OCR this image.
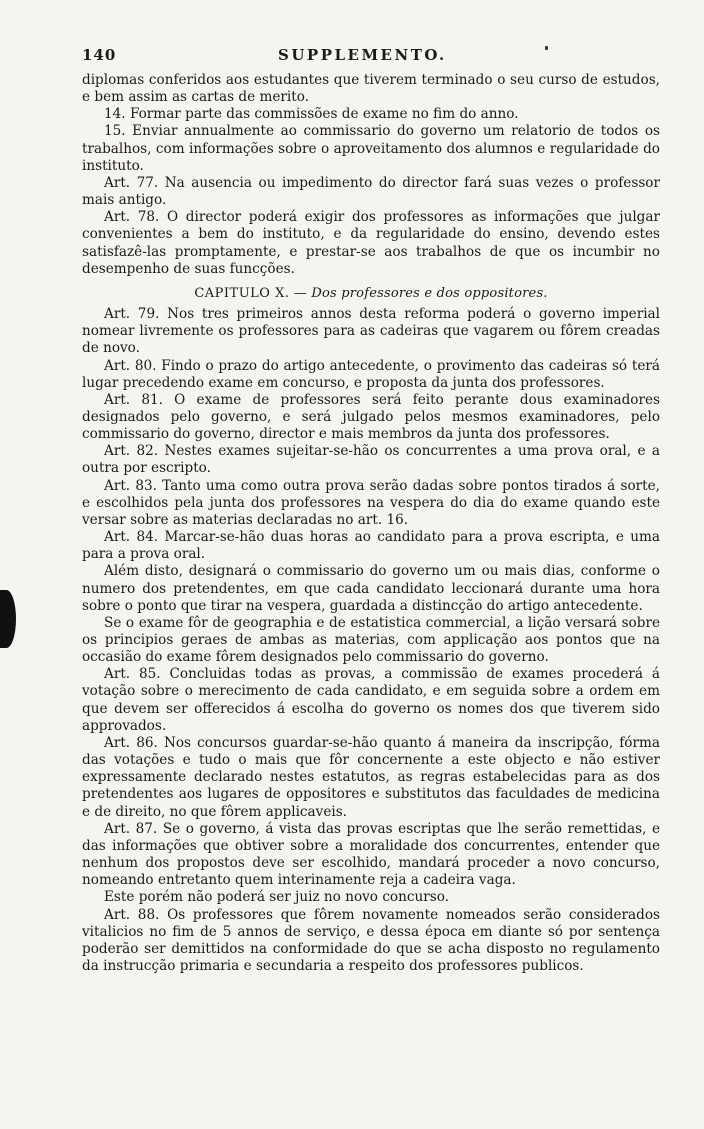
140	SUPPLEMENTO.

diplomas conferidos aos estudantes que tiverem terminado o seu curso de estudos, e bem assim as cartas de merito.

14. Formar parte das commissões de exame no fim do anno.

15. Enviar annualmente ao commissario do governo um relatorio de todos os trabalhos, com informações sobre o aproveitamento dos alumnos e regularidade do instituto.

Art. 77. Na ausencia ou impedimento do director fará suas vezes o professor mais antigo.

Art. 78. O director poderá exigir dos professores as informações que julgar convenientes a bem do instituto, e da regularidade do ensino, devendo estes satisfazê-las promptamente, e prestar-se aos trabalhos de que os incumbir no desempenho de suas funcções.

CAPITULO X. — Dos professores e dos oppositores.

Art. 79. Nos tres primeiros annos desta reforma poderá o governo imperial nomear livremente os professores para as cadeiras que vagarem ou fôrem creadas de novo.

Art. 80. Findo o prazo do artigo antecedente, o provimento das cadeiras só terá lugar precedendo exame em concurso, e proposta da junta dos professores.

Art. 81. O exame de professores será feito perante dous examinadores designados pelo governo, e será julgado pelos mesmos examinadores, pelo commissario do governo, director e mais membros da junta dos professores.

Art. 82. Nestes exames sujeitar-se-hão os concurrentes a uma prova oral, e a outra por escripto.

Art. 83. Tanto uma como outra prova serão dadas sobre pontos tirados á sorte, e escolhidos pela junta dos professores na vespera do dia do exame quando este versar sobre as materias declaradas no art. 16.

Art. 84. Marcar-se-hão duas horas ao candidato para a prova escripta, e uma para a prova oral.

Além disto, designará o commissario do governo um ou mais dias, conforme o numero dos pretendentes, em que cada candidato leccionará durante uma hora sobre o ponto que tirar na vespera, guardada a distincção do artigo antecedente.

Se o exame fôr de geographia e de estatistica commercial, a lição versará sobre os principios geraes de ambas as materias, com applicação aos pontos que na occasião do exame fôrem designados pelo commissario do governo.

Art. 85. Concluidas todas as provas, a commissão de exames procederá á votação sobre o merecimento de cada candidato, e em seguida sobre a ordem em que devem ser offerecidos á escolha do governo os nomes dos que tiverem sido approvados.

Art. 86. Nos concursos guardar-se-hão quanto á maneira da inscripção, fórma das votações e tudo o mais que fôr concernente a este objecto e não estiver expressamente declarado nestes estatutos, as regras estabelecidas para as dos pretendentes aos lugares de oppositores e substitutos das faculdades de medicina e de direito, no que fôrem applicaveis.

Art. 87. Se o governo, á vista das provas escriptas que lhe serão remettidas, e das informações que obtiver sobre a moralidade dos concurrentes, entender que nenhum dos propostos deve ser escolhido, mandará proceder a novo concurso, nomeando entretanto quem interinamente reja a cadeira vaga.

Este porém não poderá ser juiz no novo concurso.

Art. 88. Os professores que fôrem novamente nomeados serão considerados vitalicios no fim de 5 annos de serviço, e dessa época em diante só por sentença poderão ser demittidos na conformidade do que se acha disposto no regulamento da instrucção primaria e secundaria a respeito dos professores publicos.
